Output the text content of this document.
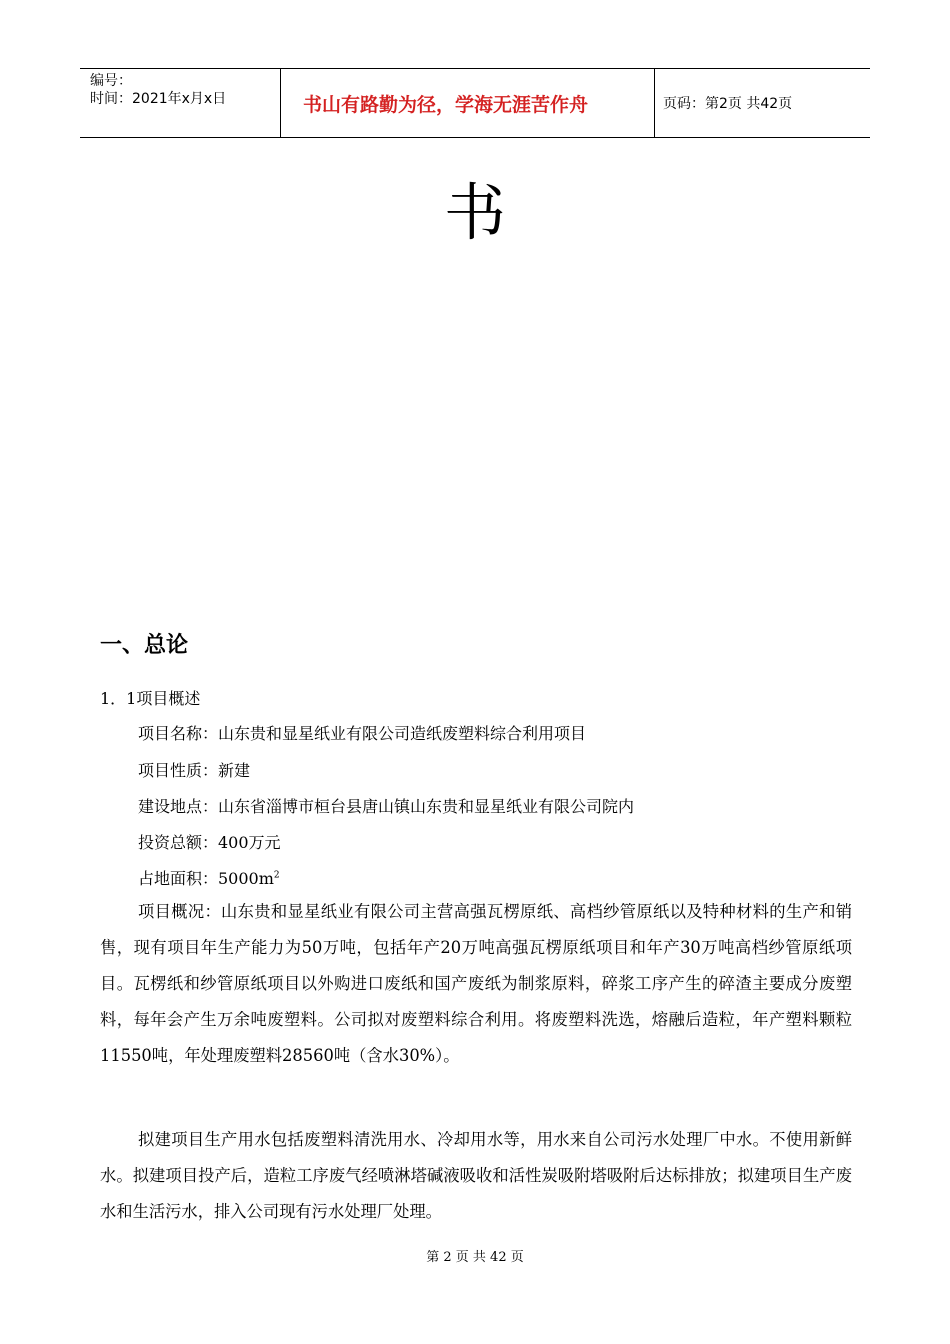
编号：
时间：2021年x月x日	书山有路勤为径，学海无涯苦作舟	页码：第2页 共42页
书
一、总论
1．1项目概述
项目名称：山东贵和显星纸业有限公司造纸废塑料综合利用项目
项目性质：新建
建设地点：山东省淄博市桓台县唐山镇山东贵和显星纸业有限公司院内
投资总额：400万元
占地面积：$5000m^2$

项目概况：山东贵和显星纸业有限公司主营高强瓦楞原纸、高档纱管原纸以及特种材料的生产和销售，现有项目年生产能力为50万吨，包括年产20万吨高强瓦楞原纸项目和年产30万吨高档纱管原纸项目。瓦楞纸和纱管原纸项目以外购进口废纸和国产废纸为制浆原料，碎浆工序产生的碎渣主要成分废塑料，每年会产生万余吨废塑料。公司拟对废塑料综合利用。将废塑料洗选，熔融后造粒，年产塑料颗粒11550吨，年处理废塑料28560吨（含水30%）。

拟建项目生产用水包括废塑料清洗用水、冷却用水等，用水来自公司污水处理厂中水。不使用新鲜水。拟建项目投产后，造粒工序废气经喷淋塔碱液吸收和活性炭吸附塔吸附后达标排放；拟建项目生产废水和生活污水，排入公司现有污水处理厂处理。

第 2 页 共 42 页
